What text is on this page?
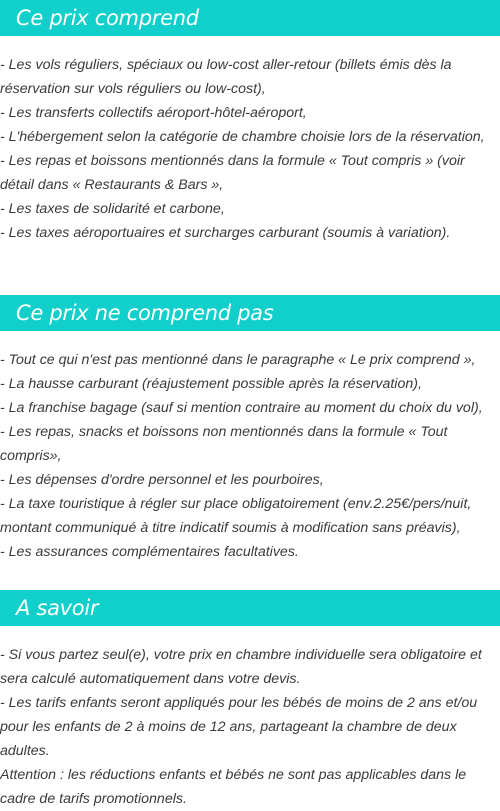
Ce prix comprend
- Les vols réguliers, spéciaux ou low-cost aller-retour (billets émis dès la réservation sur vols réguliers ou low-cost),
- Les transferts collectifs aéroport-hôtel-aéroport,
- L'hébergement selon la catégorie de chambre choisie lors de la réservation,
- Les repas et boissons mentionnés dans la formule « Tout compris » (voir détail dans « Restaurants & Bars »,
- Les taxes de solidarité et carbone,
- Les taxes aéroportuaires et surcharges carburant (soumis à variation).
Ce prix ne comprend pas
- Tout ce qui n'est pas mentionné dans le paragraphe « Le prix comprend »,
- La hausse carburant (réajustement possible après la réservation),
- La franchise bagage (sauf si mention contraire au moment du choix du vol),
- Les repas, snacks et boissons non mentionnés dans la formule « Tout compris»,
- Les dépenses d'ordre personnel et les pourboires,
- La taxe touristique à régler sur place obligatoirement (env.2.25€/pers/nuit, montant communiqué à titre indicatif soumis à modification sans préavis),
- Les assurances complémentaires facultatives.
A savoir
- Si vous partez seul(e), votre prix en chambre individuelle sera obligatoire et sera calculé automatiquement dans votre devis.
- Les tarifs enfants seront appliqués pour les bébés de moins de 2 ans et/ou pour les enfants de 2 à moins de 12 ans, partageant la chambre de deux adultes.
Attention : les réductions enfants et bébés ne sont pas applicables dans le cadre de tarifs promotionnels.
